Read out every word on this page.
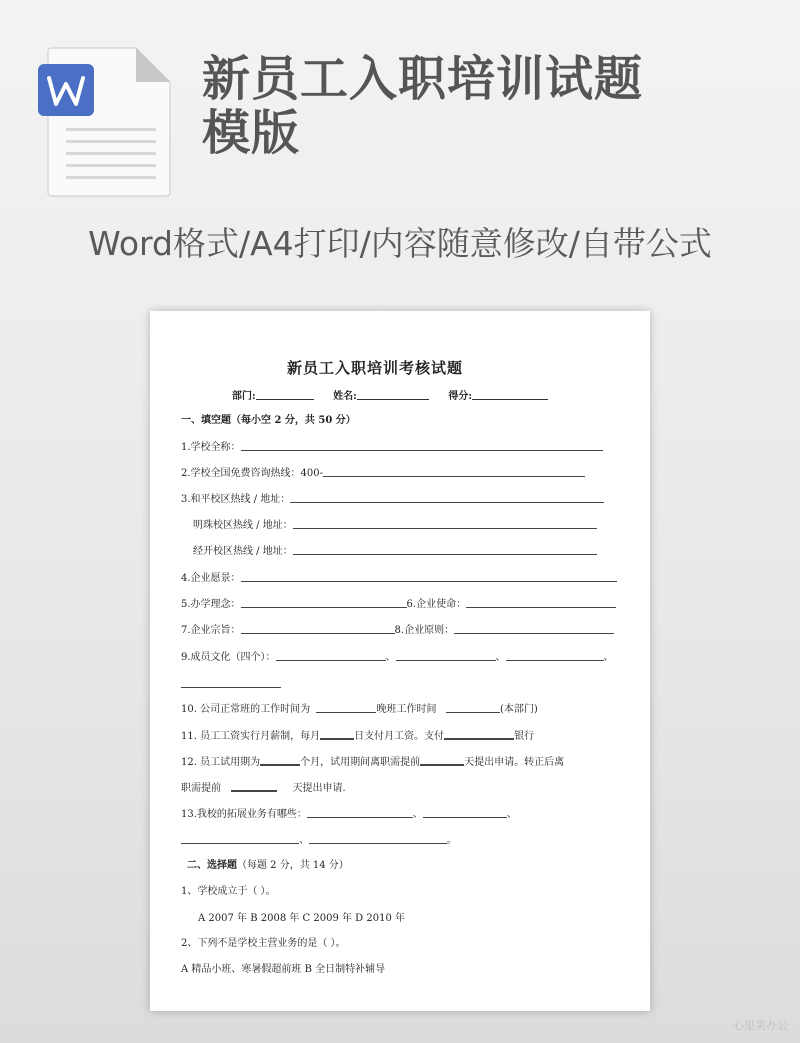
新员工入职培训试题
模版
Word格式/A4打印/内容随意修改/自带公式
新员工入职培训考核试题
部门:	姓名:	得分:
一、填空题（每小空 2 分，共 50 分）
1.学校全称：
2.学校全国免费咨询热线：400-
3.和平校区热线 / 地址：
明珠校区热线 / 地址：
经开校区热线 / 地址：
4.企业愿景：
5.办学理念：	6.企业使命：
7.企业宗旨：	8.企业原则：
9.成员文化（四个）：	、	、	、
10. 公司正常班的工作时间为	晚班工作时间	(本部门)
11. 员工工资实行月薪制，每月	日支付月工资。支付	银行
12. 员工试用期为	个月，试用期间离职需提前	天提出申请。转正后离
职需提前	天提出申请.
13.我校的拓展业务有哪些：	、	、
、	。
二、选择题（每题 2 分，共 14 分）
1、学校成立于（ ）。
A 2007 年 B 2008 年 C 2009 年 D 2010 年
2、下列不是学校主营业务的是（ ）。
A 精品小班、寒暑假超前班 B 全日制特补辅导
心里美办公
